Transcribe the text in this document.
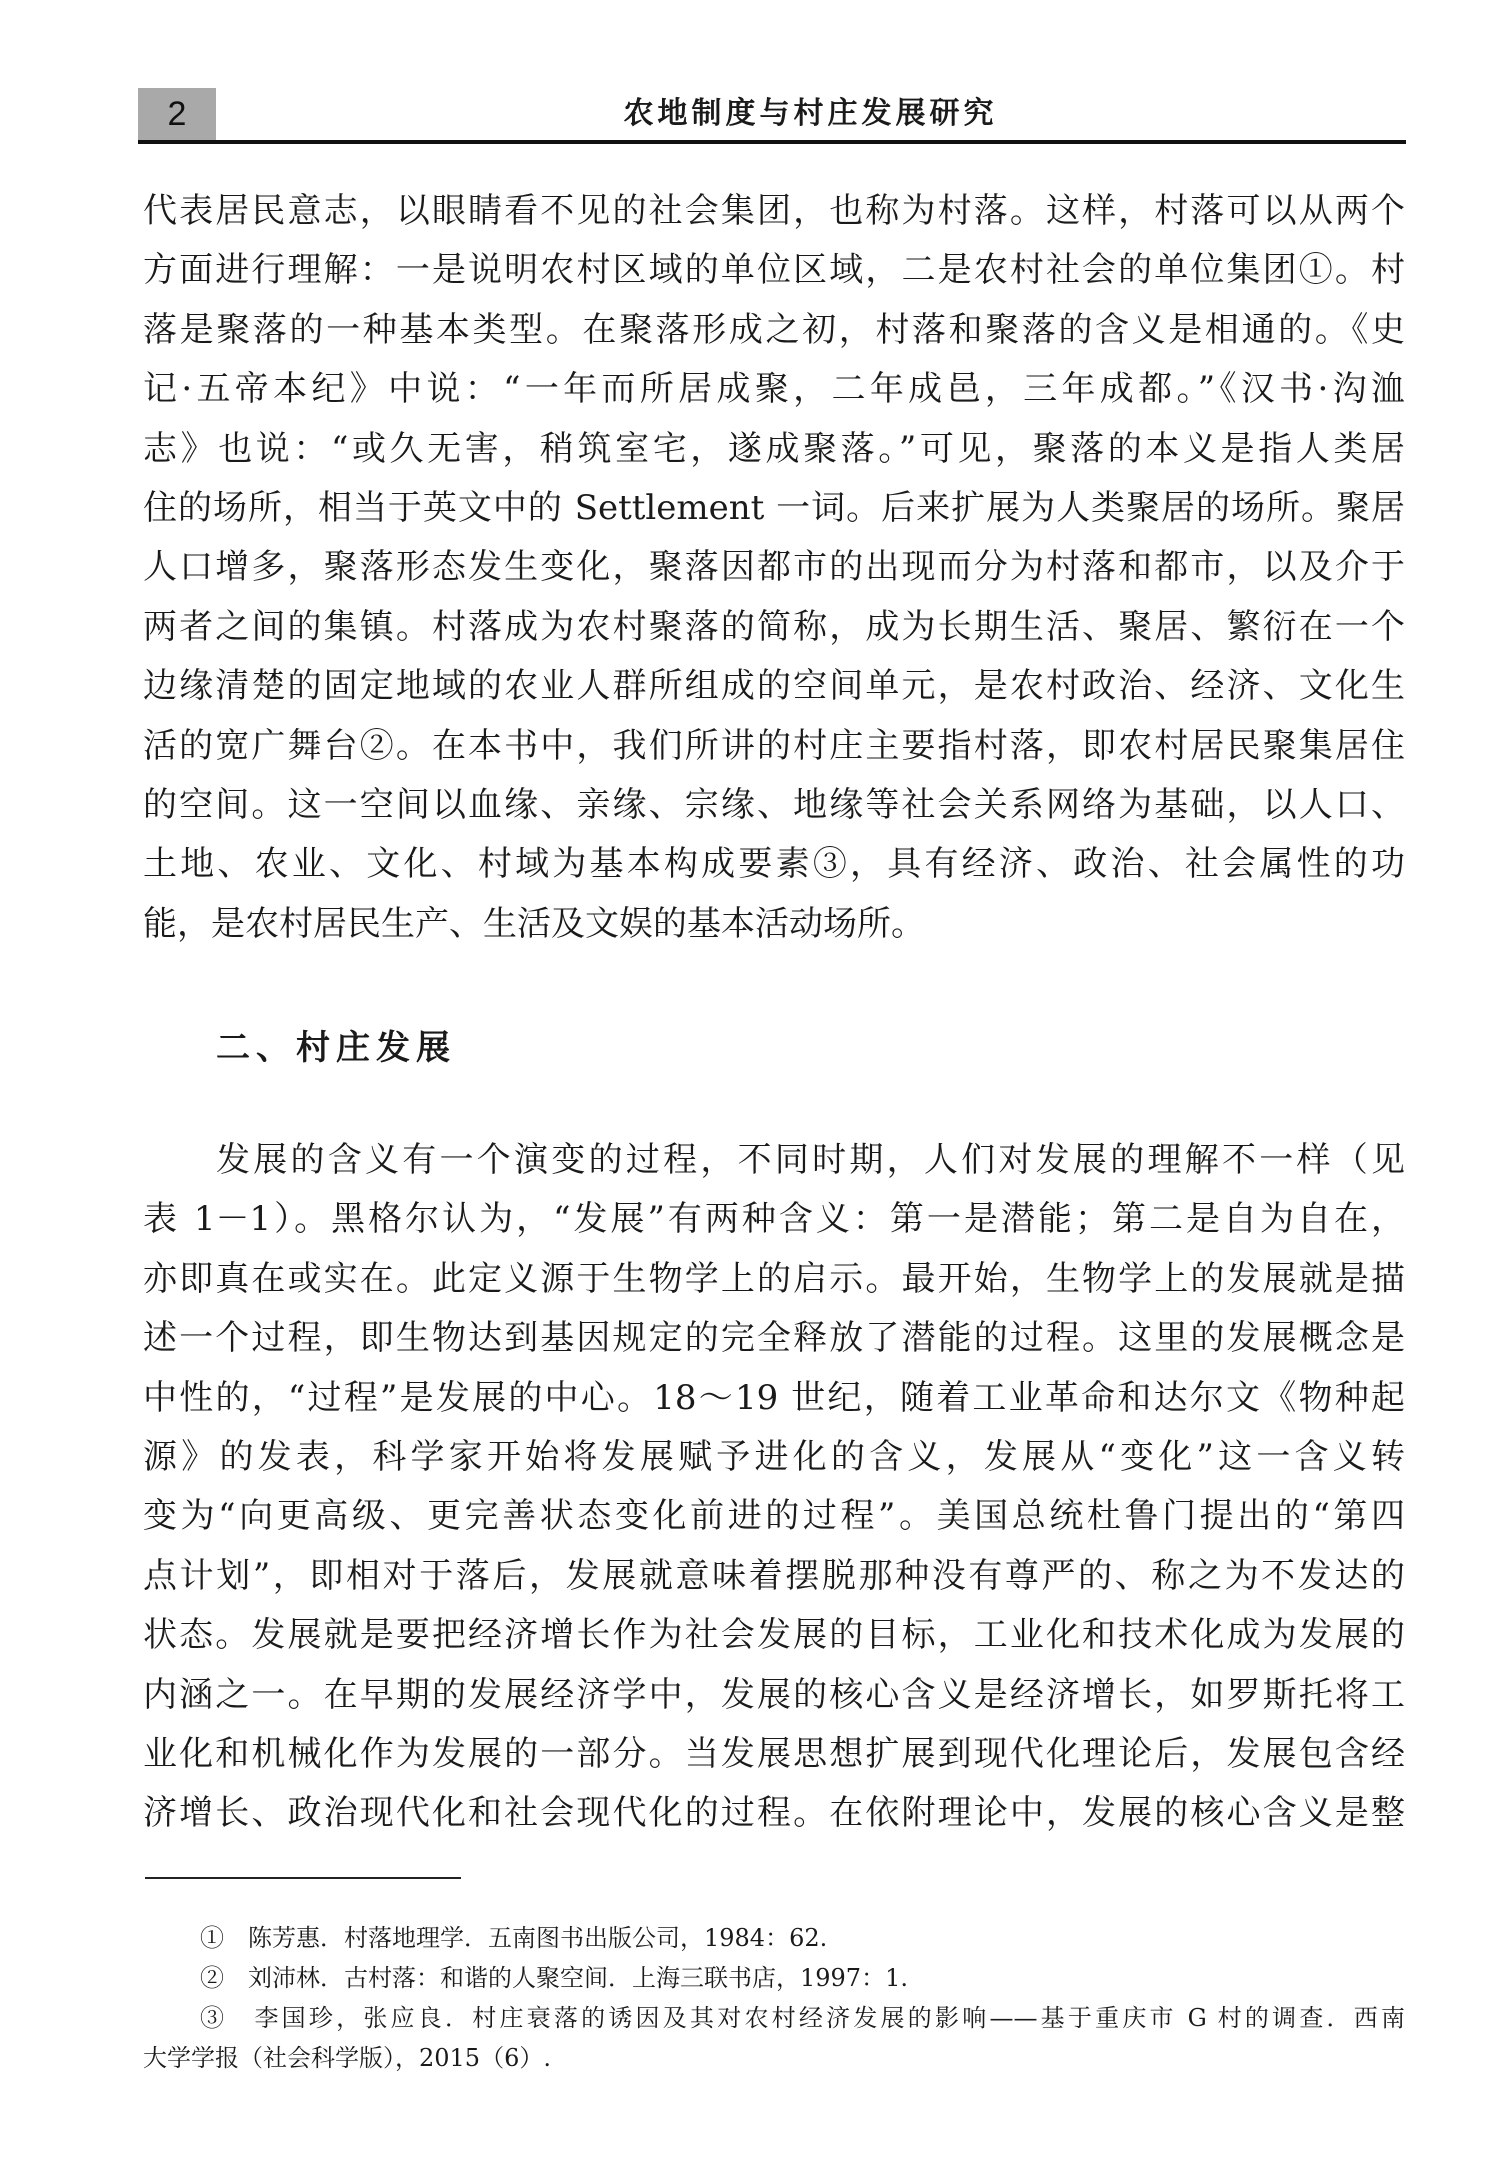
2	农地制度与村庄发展研究
代表居民意志，以眼睛看不见的社会集团，也称为村落。这样，村落可以从两个
方面进行理解：一是说明农村区域的单位区域，二是农村社会的单位集团①。村
落是聚落的一种基本类型。在聚落形成之初，村落和聚落的含义是相通的。《史
记·五帝本纪》中说：“一年而所居成聚，二年成邑，三年成都。”《汉书·沟洫
志》也说：“或久无害，稍筑室宅，遂成聚落。”可见，聚落的本义是指人类居
住的场所，相当于英文中的 Settlement 一词。后来扩展为人类聚居的场所。聚居
人口增多，聚落形态发生变化，聚落因都市的出现而分为村落和都市，以及介于
两者之间的集镇。村落成为农村聚落的简称，成为长期生活、聚居、繁衍在一个
边缘清楚的固定地域的农业人群所组成的空间单元，是农村政治、经济、文化生
活的宽广舞台②。在本书中，我们所讲的村庄主要指村落，即农村居民聚集居住
的空间。这一空间以血缘、亲缘、宗缘、地缘等社会关系网络为基础，以人口、
土地、农业、文化、村域为基本构成要素③，具有经济、政治、社会属性的功
能，是农村居民生产、生活及文娱的基本活动场所。
二、村庄发展
发展的含义有一个演变的过程，不同时期，人们对发展的理解不一样（见
表 1－1）。黑格尔认为，“发展”有两种含义：第一是潜能；第二是自为自在，
亦即真在或实在。此定义源于生物学上的启示。最开始，生物学上的发展就是描
述一个过程，即生物达到基因规定的完全释放了潜能的过程。这里的发展概念是
中性的，“过程”是发展的中心。18～19 世纪，随着工业革命和达尔文《物种起
源》的发表，科学家开始将发展赋予进化的含义，发展从“变化”这一含义转
变为“向更高级、更完善状态变化前进的过程”。美国总统杜鲁门提出的“第四
点计划”，即相对于落后，发展就意味着摆脱那种没有尊严的、称之为不发达的
状态。发展就是要把经济增长作为社会发展的目标，工业化和技术化成为发展的
内涵之一。在早期的发展经济学中，发展的核心含义是经济增长，如罗斯托将工
业化和机械化作为发展的一部分。当发展思想扩展到现代化理论后，发展包含经
济增长、政治现代化和社会现代化的过程。在依附理论中，发展的核心含义是整
①　陈芳惠．村落地理学．五南图书出版公司，1984：62.
②　刘沛林．古村落：和谐的人聚空间．上海三联书店，1997：1.
③　李国珍，张应良．村庄衰落的诱因及其对农村经济发展的影响——基于重庆市 G 村的调查．西南
大学学报（社会科学版），2015（6）.
